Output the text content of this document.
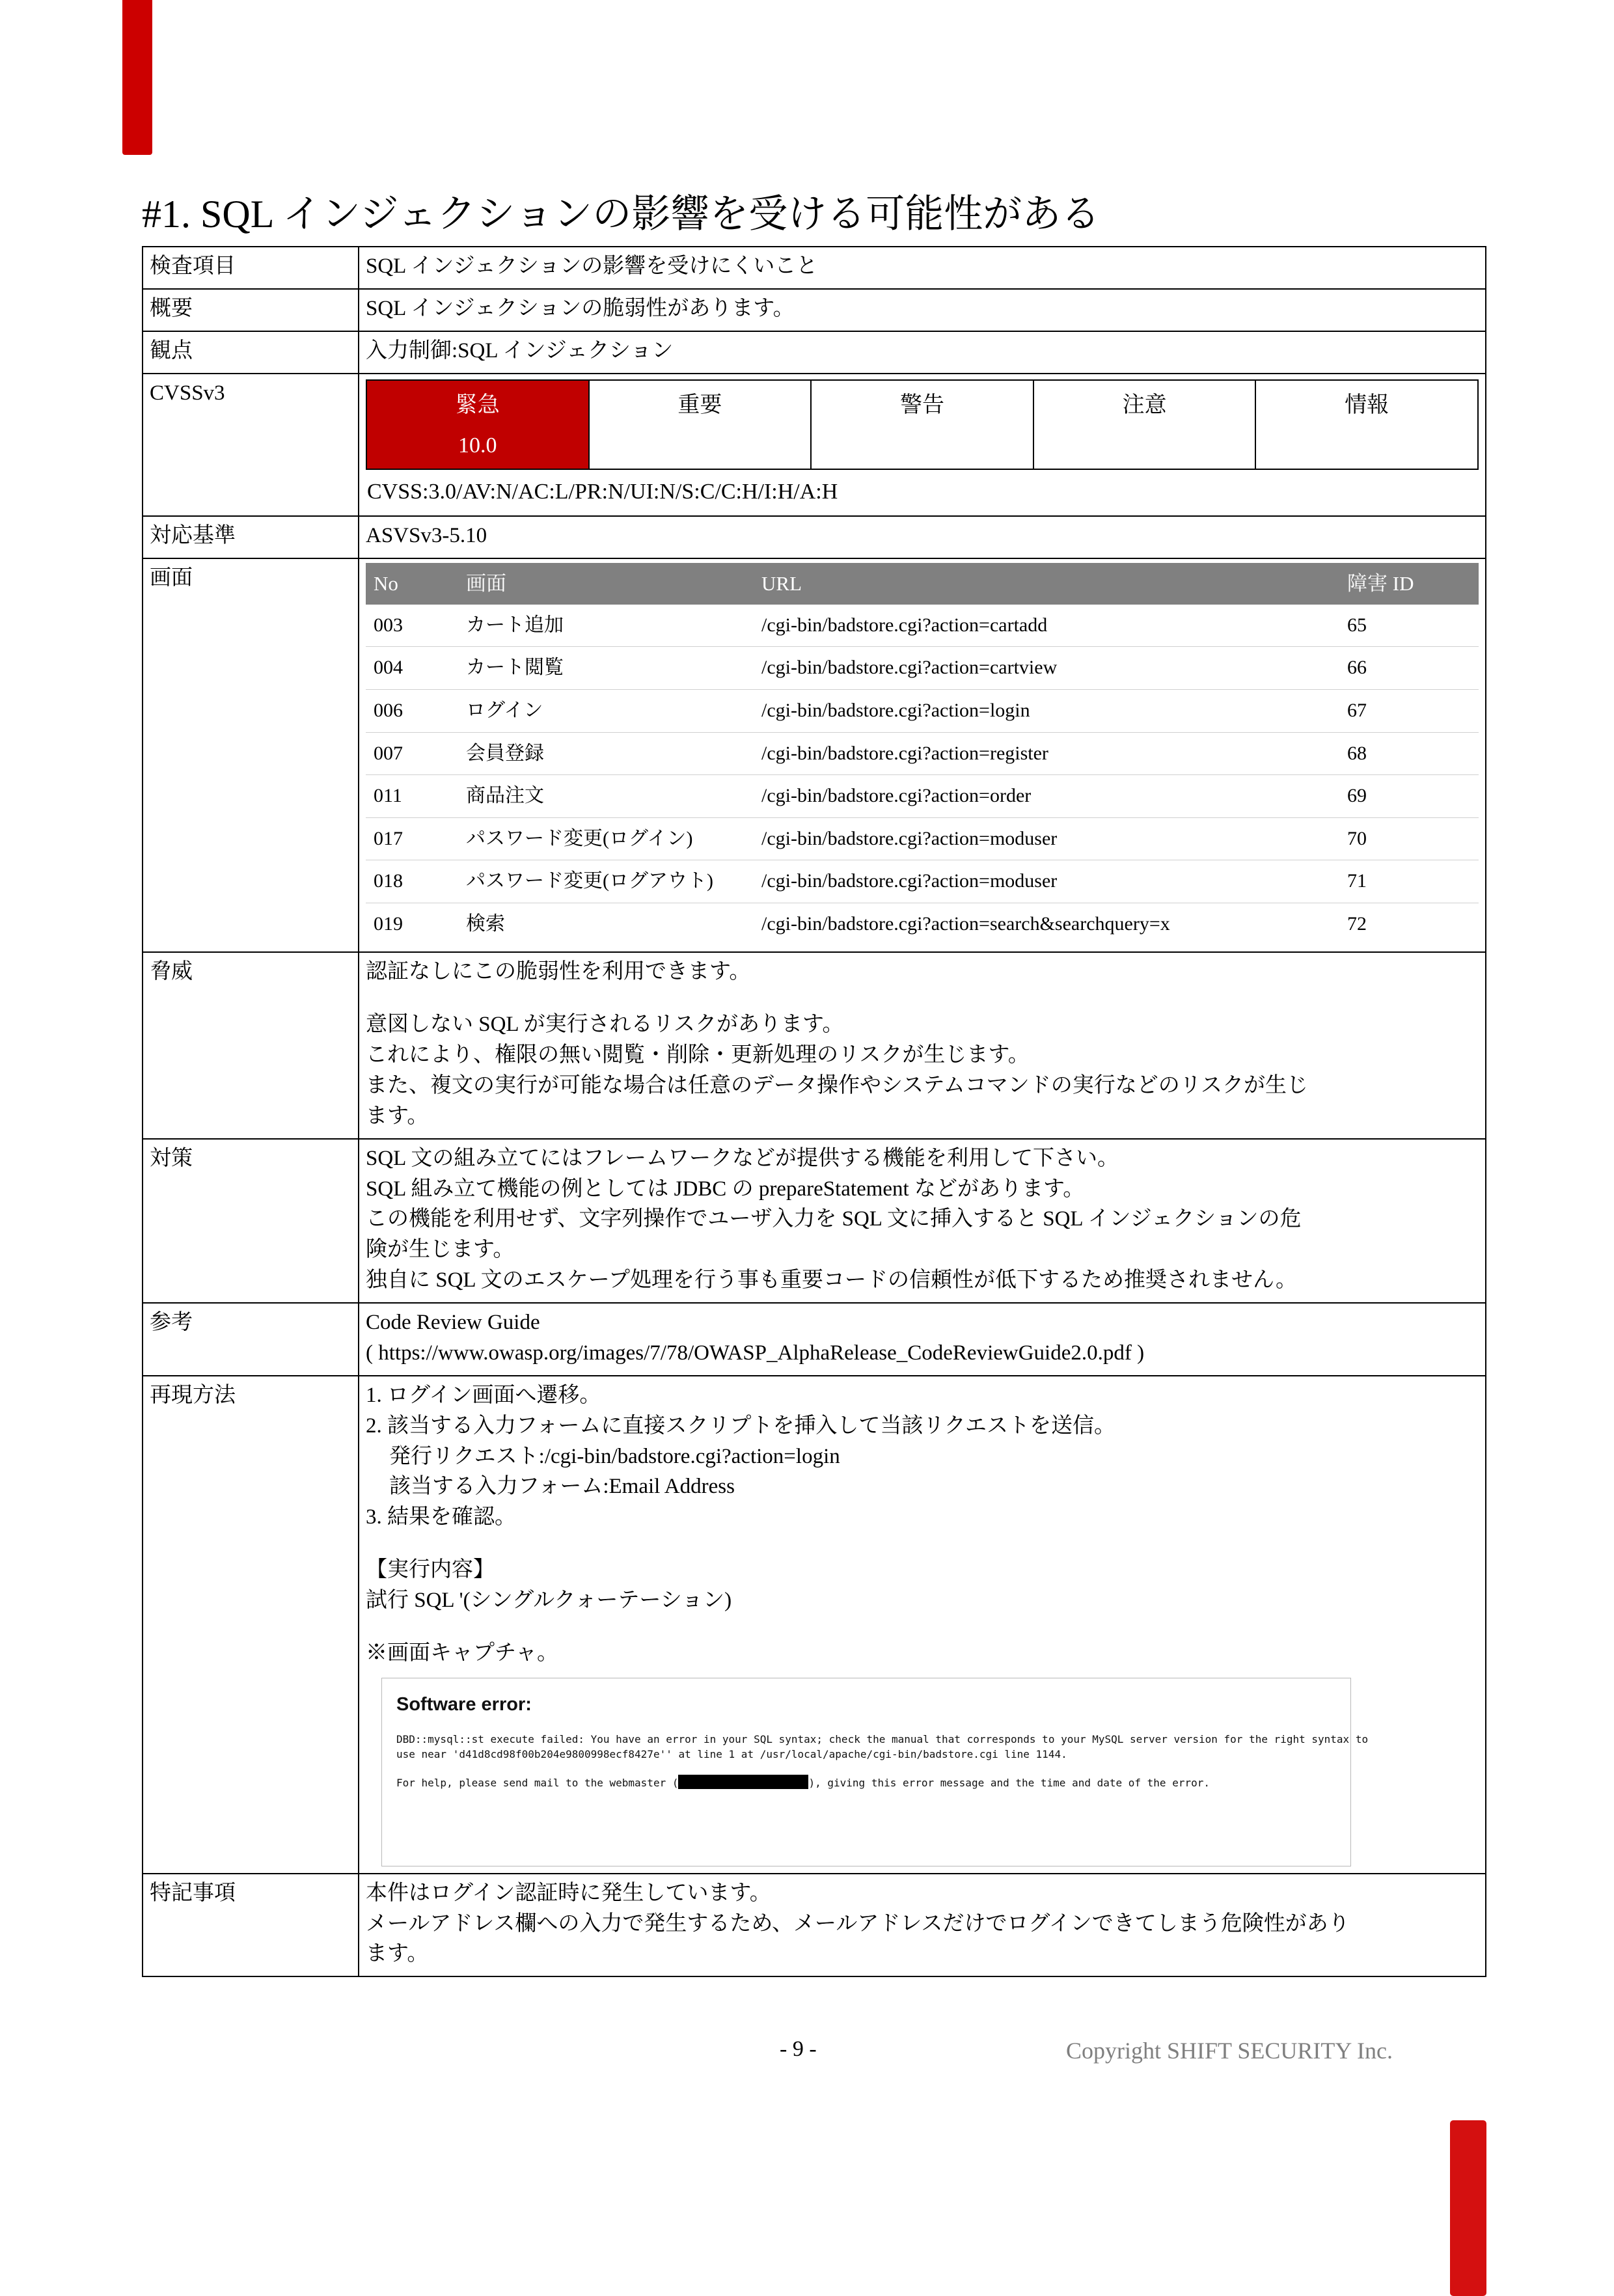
#1. SQL インジェクションの影響を受ける可能性がある
検査項目	SQL インジェクションの影響を受けにくいこと
概要	SQL インジェクションの脆弱性があります。
観点	入力制御:SQL インジェクション
CVSSv3		緊急
10.0
	重要	警告	注意	情報
CVSS:3.0/AV:N/AC:L/PR:N/UI:N/S:C/C:H/I:H/A:H

対応基準	ASVSv3-5.10
画面		No	画面	URL	障害 ID
003	カート追加	/cgi-bin/badstore.cgi?action=cartadd	65
004	カート閲覧	/cgi-bin/badstore.cgi?action=cartview	66
006	ログイン	/cgi-bin/badstore.cgi?action=login	67
007	会員登録	/cgi-bin/badstore.cgi?action=register	68
011	商品注文	/cgi-bin/badstore.cgi?action=order	69
017	パスワード変更(ログイン)	/cgi-bin/badstore.cgi?action=moduser	70
018	パスワード変更(ログアウト)	/cgi-bin/badstore.cgi?action=moduser	71
019	検索	/cgi-bin/badstore.cgi?action=search&searchquery=x	72

脅威	認証なしにこの脆弱性を利用できます。
意図しない SQL が実行されるリスクがあります。
これにより、権限の無い閲覧・削除・更新処理のリスクが生じます。
また、複文の実行が可能な場合は任意のデータ操作やシステムコマンドの実行などのリスクが生じ
ます。

対策	SQL 文の組み立てにはフレームワークなどが提供する機能を利用して下さい。
SQL 組み立て機能の例としては JDBC の prepareStatement などがあります。
この機能を利用せず、文字列操作でユーザ入力を SQL 文に挿入すると SQL インジェクションの危
険が生じます。
独自に SQL 文のエスケープ処理を行う事も重要コードの信頼性が低下するため推奨されません。

参考	Code Review Guide
( https://www.owasp.org/images/7/78/OWASP_AlphaRelease_CodeReviewGuide2.0.pdf )

再現方法	1. ログイン画面へ遷移。
2. 該当する入力フォームに直接スクリプトを挿入して当該リクエストを送信。
発行リクエスト:/cgi-bin/badstore.cgi?action=login
該当する入力フォーム:Email Address
3. 結果を確認。
【実行内容】
試行 SQL '(シングルクォーテーション)
※画面キャプチャ。
Software error:
DBD::mysql::st execute failed: You have an error in your SQL syntax; check the manual that corresponds to your MySQL server version for the right syntax to
use near 'd41d8cd98f00b204e9800998ecf8427e'' at line 1 at /usr/local/apache/cgi-bin/badstore.cgi line 1144.
For help, please send mail to the webmaster (	), giving this error message and the time and date of the error.

特記事項	本件はログイン認証時に発生しています。
メールアドレス欄への入力で発生するため、メールアドレスだけでログインできてしまう危険性があり
ます。
- 9 -	Copyright SHIFT SECURITY Inc.
